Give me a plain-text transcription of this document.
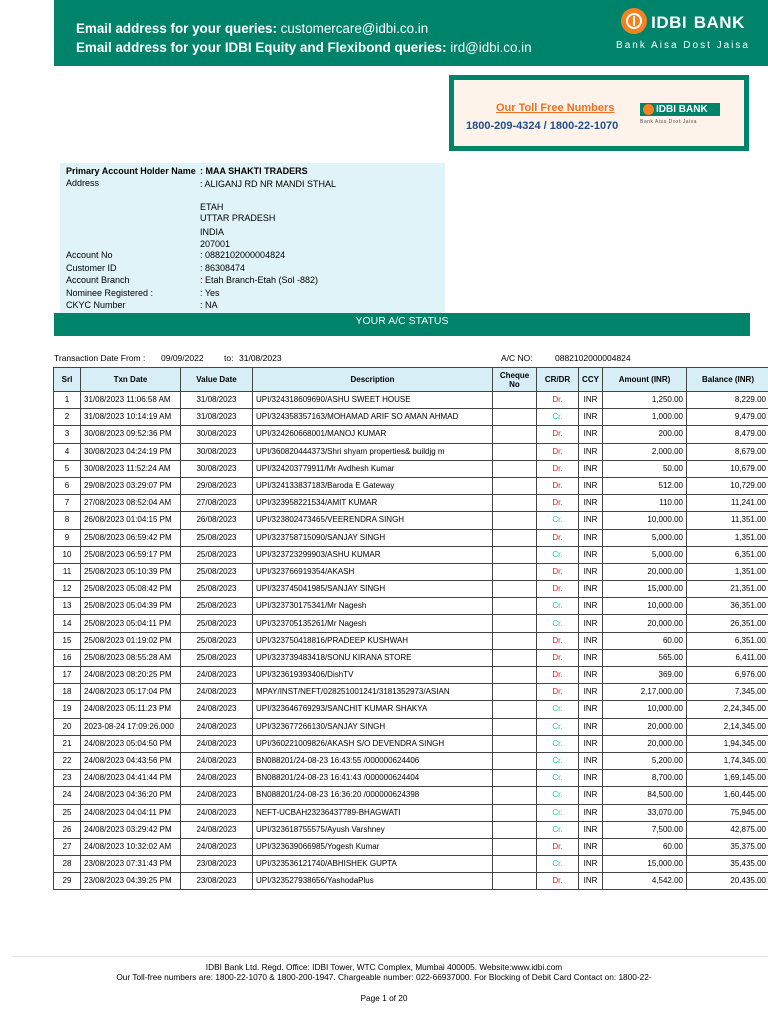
Email address for your queries: customercare@idbi.co.in
Email address for your IDBI Equity and Flexibond queries: ird@idbi.co.in
IDBI BANK
Bank Aisa Dost Jaisa
Our Toll Free Numbers
1800-209-4324 / 1800-22-1070
IDBI BANK
Bank Aisa Dost Jaisa
Primary Account Holder Name : MAA SHAKTI TRADERS
Address	: ALIGANJ RD NR MANDI STHAL
ETAH
UTTAR PRADESH
INDIA
207001
Account No	: 0882102000004824
Customer ID	: 86308474
Account Branch	: Etah Branch-Etah (Sol -882)
Nominee Registered :	: Yes
CKYC Number	: NA
YOUR A/C STATUS
Transaction Date From : 09/09/2022 to: 31/08/2023	A/C NO:	0882102000004824
Srl	Txn Date	Value Date	Description	Cheque No	CR/DR	CCY	Amount (INR)	Balance (INR)
1	31/08/2023 11:06:58 AM	31/08/2023	UPI/324318609690/ASHU SWEET HOUSE		Dr.	INR	1,250.00	8,229.00
2	31/08/2023 10:14:19 AM	31/08/2023	UPI/324358357163/MOHAMAD ARIF SO AMAN AHMAD		Cr.	INR	1,000.00	9,479.00
3	30/08/2023 09:52:36 PM	30/08/2023	UPI/324260668001/MANOJ KUMAR		Dr.	INR	200.00	8,479.00
4	30/08/2023 04:24:19 PM	30/08/2023	UPI/360820444373/Shri shyam properties& buildjg m		Dr.	INR	2,000.00	8,679.00
5	30/08/2023 11:52:24 AM	30/08/2023	UPI/324203779911/Mr Avdhesh Kumar		Dr.	INR	50.00	10,679.00
6	29/08/2023 03:29:07 PM	29/08/2023	UPI/324133837183/Baroda E Gateway		Dr.	INR	512.00	10,729.00
7	27/08/2023 08:52:04 AM	27/08/2023	UPI/323958221534/AMIT KUMAR		Dr.	INR	110.00	11,241.00
8	26/08/2023 01:04:15 PM	26/08/2023	UPI/323802473465/VEERENDRA SINGH		Cr.	INR	10,000.00	11,351.00
9	25/08/2023 06:59:42 PM	25/08/2023	UPI/323758715090/SANJAY SINGH		Dr.	INR	5,000.00	1,351.00
10	25/08/2023 06:59:17 PM	25/08/2023	UPI/323723299903/ASHU KUMAR		Cr.	INR	5,000.00	6,351.00
11	25/08/2023 05:10:39 PM	25/08/2023	UPI/323766919354/AKASH		Dr.	INR	20,000.00	1,351.00
12	25/08/2023 05:08:42 PM	25/08/2023	UPI/323745041985/SANJAY SINGH		Dr.	INR	15,000.00	21,351.00
13	25/08/2023 05:04:39 PM	25/08/2023	UPI/323730175341/Mr Nagesh		Cr.	INR	10,000.00	36,351.00
14	25/08/2023 05:04:11 PM	25/08/2023	UPI/323705135261/Mr Nagesh		Cr.	INR	20,000.00	26,351.00
15	25/08/2023 01:19:02 PM	25/08/2023	UPI/323750418816/PRADEEP KUSHWAH		Dr.	INR	60.00	6,351.00
16	25/08/2023 08:55:28 AM	25/08/2023	UPI/323739483418/SONU KIRANA STORE		Dr.	INR	565.00	6,411.00
17	24/08/2023 08:20:25 PM	24/08/2023	UPI/323619393406/DishTV		Dr.	INR	369.00	6,976.00
18	24/08/2023 05:17:04 PM	24/08/2023	MPAY/INST/NEFT/028251001241/3181352973/ASIAN		Dr.	INR	2,17,000.00	7,345.00
19	24/08/2023 05:11:23 PM	24/08/2023	UPI/323646769293/SANCHIT KUMAR SHAKYA		Cr.	INR	10,000.00	2,24,345.00
20	2023-08-24 17:09:26.000	24/08/2023	UPI/323677266130/SANJAY SINGH		Cr.	INR	20,000.00	2,14,345.00
21	24/08/2023 05:04:50 PM	24/08/2023	UPI/360221009826/AKASH S/O DEVENDRA SINGH		Cr.	INR	20,000.00	1,94,345.00
22	24/08/2023 04:43:56 PM	24/08/2023	BN088201/24-08-23 16:43:55 /000000624406		Cr.	INR	5,200.00	1,74,345.00
23	24/08/2023 04:41:44 PM	24/08/2023	BN088201/24-08-23 16:41:43 /000000624404		Cr.	INR	8,700.00	1,69,145.00
24	24/08/2023 04:36:20 PM	24/08/2023	BN088201/24-08-23 16:36:20 /000000624398		Cr.	INR	84,500.00	1,60,445.00
25	24/08/2023 04:04:11 PM	24/08/2023	NEFT-UCBAH23236437789-BHAGWATI		Cr.	INR	33,070.00	75,945.00
26	24/08/2023 03:29:42 PM	24/08/2023	UPI/323618755575/Ayush Varshney		Cr.	INR	7,500.00	42,875.00
27	24/08/2023 10:32:02 AM	24/08/2023	UPI/323639066985/Yogesh Kumar		Dr.	INR	60.00	35,375.00
28	23/08/2023 07:31:43 PM	23/08/2023	UPI/323536121740/ABHISHEK GUPTA		Cr.	INR	15,000.00	35,435.00
29	23/08/2023 04:39:25 PM	23/08/2023	UPI/323527938656/YashodaPlus		Dr.	INR	4,542.00	20,435.00
IDBI Bank Ltd. Regd. Office: IDBI Tower, WTC Complex, Mumbai 400005. Website:www.idbi.com
Our Toll-free numbers are: 1800-22-1070 & 1800-200-1947. Chargeable number: 022-66937000. For Blocking of Debit Card Contact on: 1800-22-
Page 1 of 20
